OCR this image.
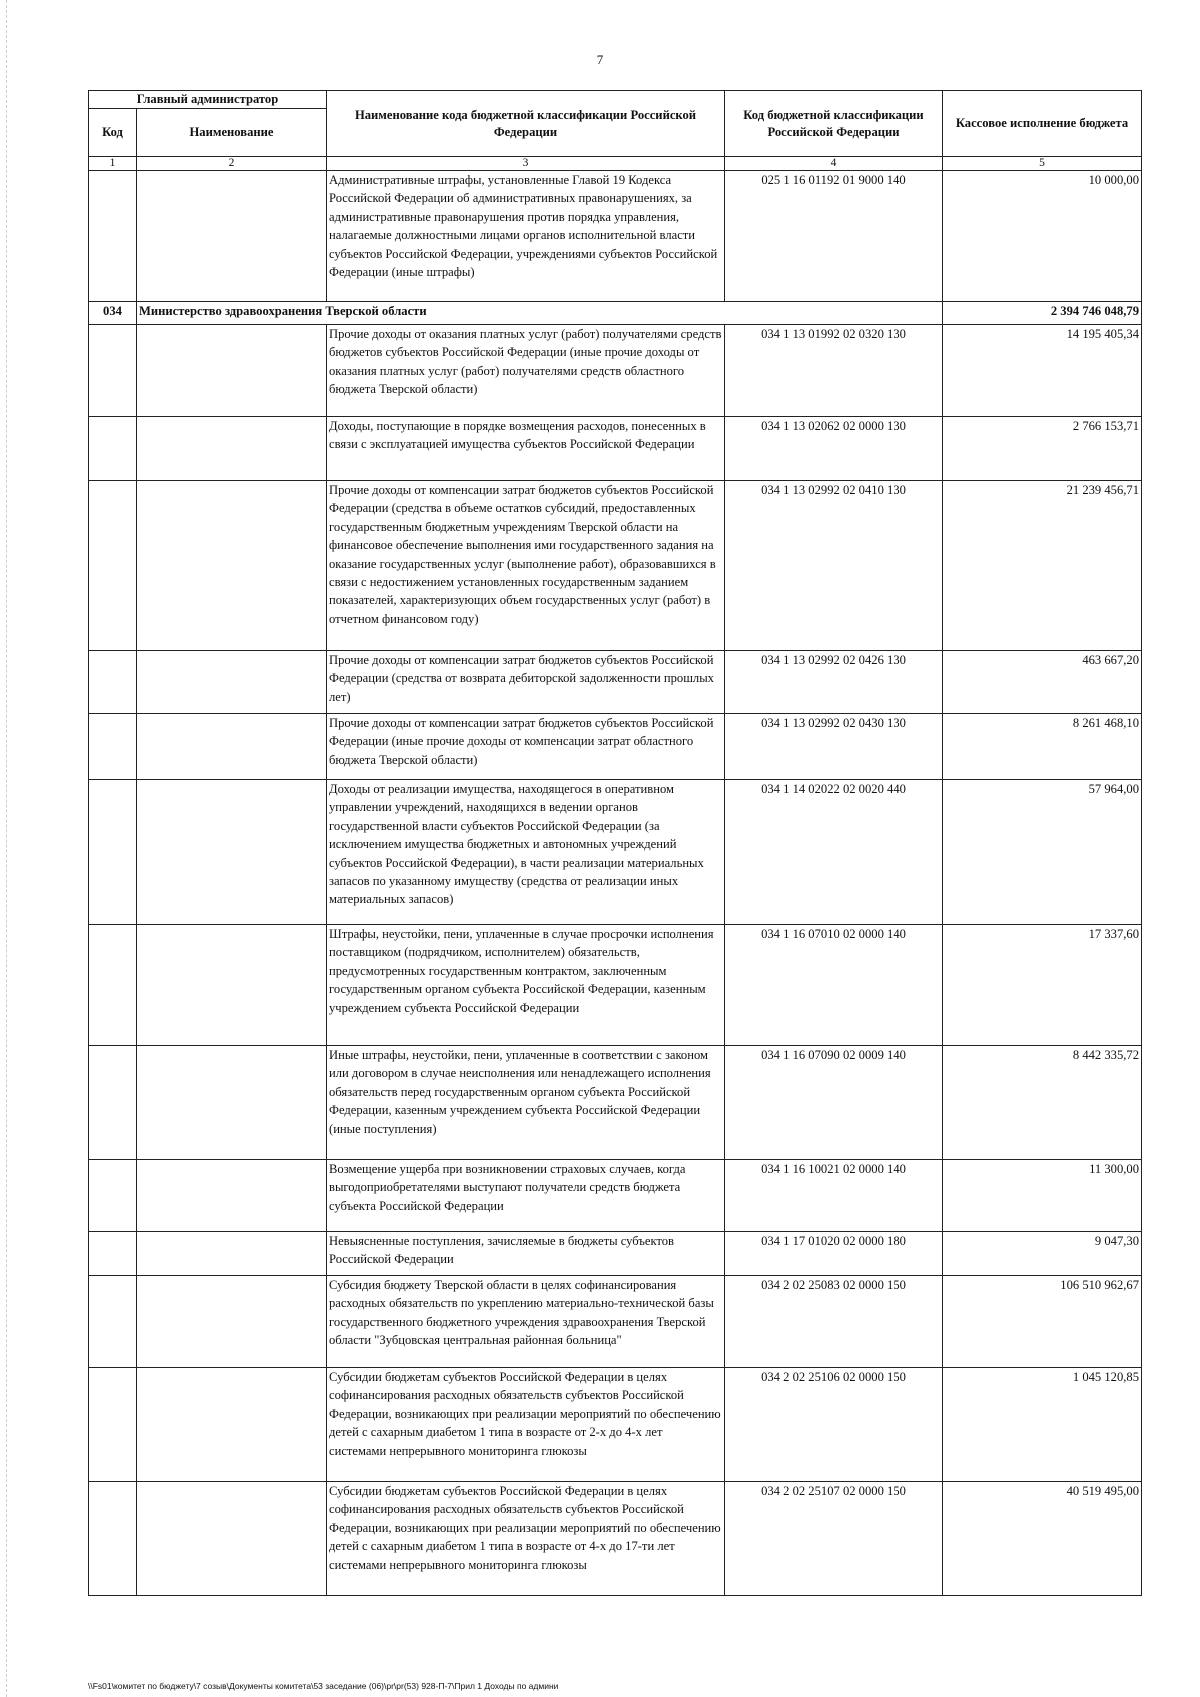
7
Главный администратор		Наименование кода бюджетной классификации Российской Федерации	Код бюджетной классификации Российской Федерации	Кассовое исполнение бюджета
Код	Наименование			
1	2	3	4	5
		Административные штрафы, установленные Главой 19 Кодекса Российской Федерации об административных правонарушениях, за административные правонарушения против порядка управления, налагаемые должностными лицами органов исполнительной власти субъектов Российской Федерации, учреждениями субъектов Российской Федерации (иные штрафы)	025 1 16 01192 01 9000 140	10 000,00
034	Министерство здравоохранения Тверской области			2 394 746 048,79
		Прочие доходы от оказания платных услуг (работ) получателями средств бюджетов субъектов Российской Федерации (иные прочие доходы от оказания платных услуг (работ) получателями средств областного бюджета Тверской области)	034 1 13 01992 02 0320 130	14 195 405,34
		Доходы, поступающие в порядке возмещения расходов, понесенных в связи с эксплуатацией имущества субъектов Российской Федерации	034 1 13 02062 02 0000 130	2 766 153,71
		Прочие доходы от компенсации затрат бюджетов субъектов Российской Федерации (средства в объеме остатков субсидий, предоставленных государственным бюджетным учреждениям Тверской области на финансовое обеспечение выполнения ими государственного задания на оказание государственных услуг (выполнение работ), образовавшихся в связи с недостижением установленных государственным заданием показателей, характеризующих объем государственных услуг (работ) в отчетном финансовом году)	034 1 13 02992 02 0410 130	21 239 456,71
		Прочие доходы от компенсации затрат бюджетов субъектов Российской Федерации (средства от возврата дебиторской задолженности прошлых лет)	034 1 13 02992 02 0426 130	463 667,20
		Прочие доходы от компенсации затрат бюджетов субъектов Российской Федерации (иные прочие доходы от компенсации затрат областного бюджета Тверской области)	034 1 13 02992 02 0430 130	8 261 468,10
		Доходы от реализации имущества, находящегося в оперативном управлении учреждений, находящихся в ведении органов государственной власти субъектов Российской Федерации (за исключением имущества бюджетных и автономных учреждений субъектов Российской Федерации), в части реализации материальных запасов по указанному имуществу (средства от реализации иных материальных запасов)	034 1 14 02022 02 0020 440	57 964,00
		Штрафы, неустойки, пени, уплаченные в случае просрочки исполнения поставщиком (подрядчиком, исполнителем) обязательств, предусмотренных государственным контрактом, заключенным государственным органом субъекта Российской Федерации, казенным учреждением субъекта Российской Федерации	034 1 16 07010 02 0000 140	17 337,60
		Иные штрафы, неустойки, пени, уплаченные в соответствии с законом или договором в случае неисполнения или ненадлежащего исполнения обязательств перед государственным органом субъекта Российской Федерации, казенным учреждением субъекта Российской Федерации (иные поступления)	034 1 16 07090 02 0009 140	8 442 335,72
		Возмещение ущерба при возникновении страховых случаев, когда выгодоприобретателями выступают получатели средств бюджета субъекта Российской Федерации	034 1 16 10021 02 0000 140	11 300,00
		Невыясненные поступления, зачисляемые в бюджеты субъектов Российской Федерации	034 1 17 01020 02 0000 180	9 047,30
		Субсидия бюджету Тверской области в целях софинансирования расходных обязательств по укреплению материально-технической базы государственного бюджетного учреждения здравоохранения Тверской области "Зубцовская центральная районная больница"	034 2 02 25083 02 0000 150	106 510 962,67
		Субсидии бюджетам субъектов Российской Федерации в целях софинансирования расходных обязательств субъектов Российской Федерации, возникающих при реализации мероприятий по обеспечению детей с сахарным диабетом 1 типа в возрасте от 2-х до 4-х лет системами непрерывного мониторинга глюкозы	034 2 02 25106 02 0000 150	1 045 120,85
		Субсидии бюджетам субъектов Российской Федерации в целях софинансирования расходных обязательств субъектов Российской Федерации, возникающих при реализации мероприятий по обеспечению детей с сахарным диабетом 1 типа в возрасте от 4-х до 17-ти лет системами непрерывного мониторинга глюкозы	034 2 02 25107 02 0000 150	40 519 495,00
\\Fs01\комитет по бюджету\7 созыв\Документы комитета\53 заседание (06)\pr\pr(53) 928-П-7\Прил 1 Доходы по админи
